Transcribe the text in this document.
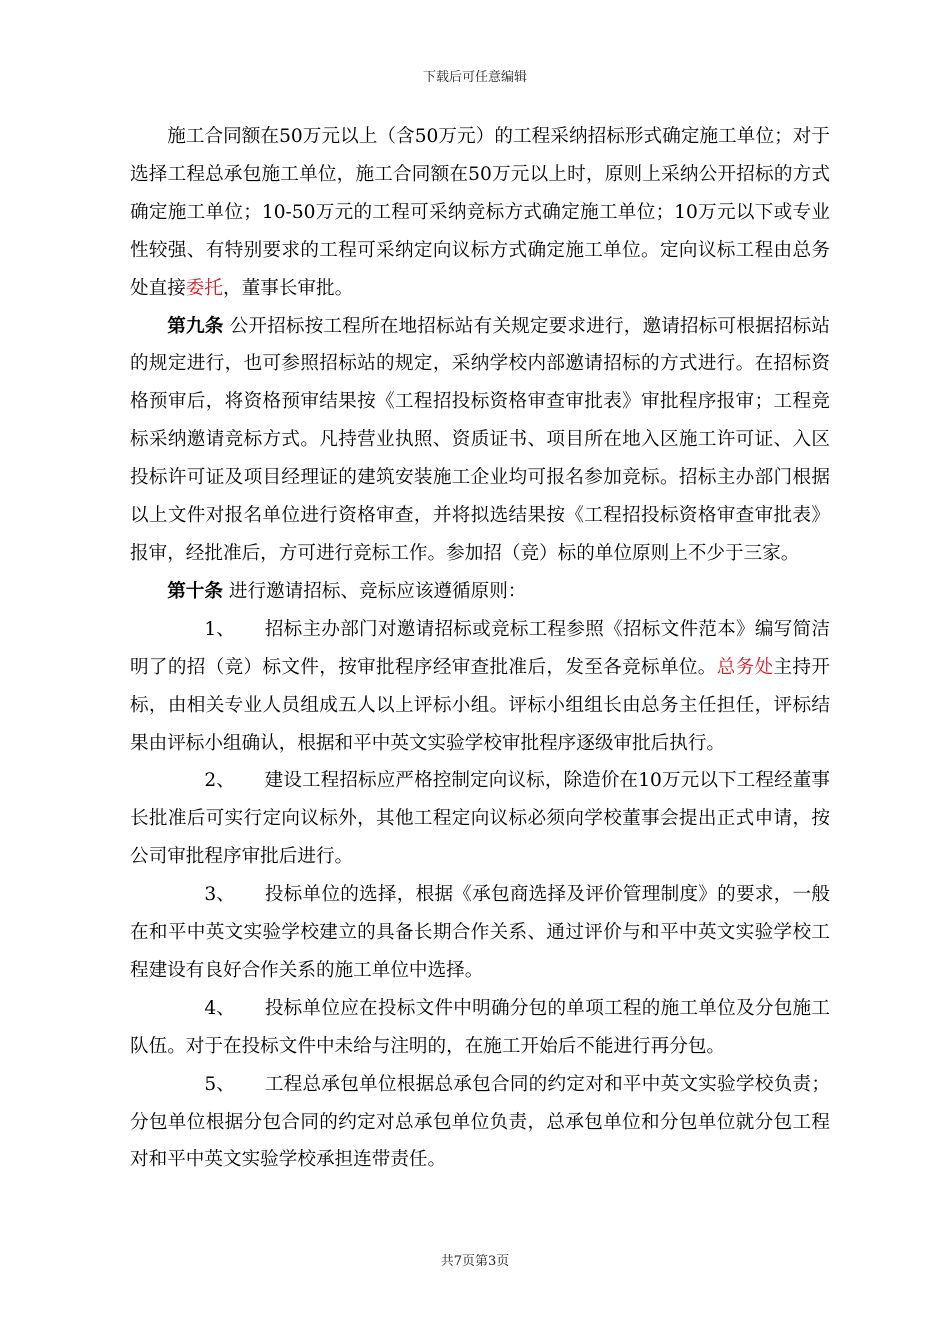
下载后可任意编辑

施工合同额在50万元以上（含50万元）的工程采纳招标形式确定施工单位；对于选择工程总承包施工单位，施工合同额在50万元以上时，原则上采纳公开招标的方式确定施工单位；10-50万元的工程可采纳竞标方式确定施工单位；10万元以下或专业性较强、有特别要求的工程可采纳定向议标方式确定施工单位。定向议标工程由总务处直接委托，董事长审批。

第九条 公开招标按工程所在地招标站有关规定要求进行，邀请招标可根据招标站的规定进行，也可参照招标站的规定，采纳学校内部邀请招标的方式进行。在招标资格预审后，将资格预审结果按《工程招投标资格审查审批表》审批程序报审；工程竞标采纳邀请竞标方式。凡持营业执照、资质证书、项目所在地入区施工许可证、入区投标许可证及项目经理证的建筑安装施工企业均可报名参加竞标。招标主办部门根据以上文件对报名单位进行资格审查，并将拟选结果按《工程招投标资格审查审批表》报审，经批准后，方可进行竞标工作。参加招（竞）标的单位原则上不少于三家。

第十条 进行邀请招标、竞标应该遵循原则：

1、 招标主办部门对邀请招标或竞标工程参照《招标文件范本》编写简洁明了的招（竞）标文件，按审批程序经审查批准后，发至各竞标单位。总务处主持开标，由相关专业人员组成五人以上评标小组。评标小组组长由总务主任担任，评标结果由评标小组确认，根据和平中英文实验学校审批程序逐级审批后执行。

2、 建设工程招标应严格控制定向议标，除造价在10万元以下工程经董事长批准后可实行定向议标外，其他工程定向议标必须向学校董事会提出正式申请，按公司审批程序审批后进行。

3、 投标单位的选择，根据《承包商选择及评价管理制度》的要求，一般在和平中英文实验学校建立的具备长期合作关系、通过评价与和平中英文实验学校工程建设有良好合作关系的施工单位中选择。

4、 投标单位应在投标文件中明确分包的单项工程的施工单位及分包施工队伍。对于在投标文件中未给与注明的，在施工开始后不能进行再分包。

5、 工程总承包单位根据总承包合同的约定对和平中英文实验学校负责；分包单位根据分包合同的约定对总承包单位负责，总承包单位和分包单位就分包工程对和平中英文实验学校承担连带责任。

共7页第3页
